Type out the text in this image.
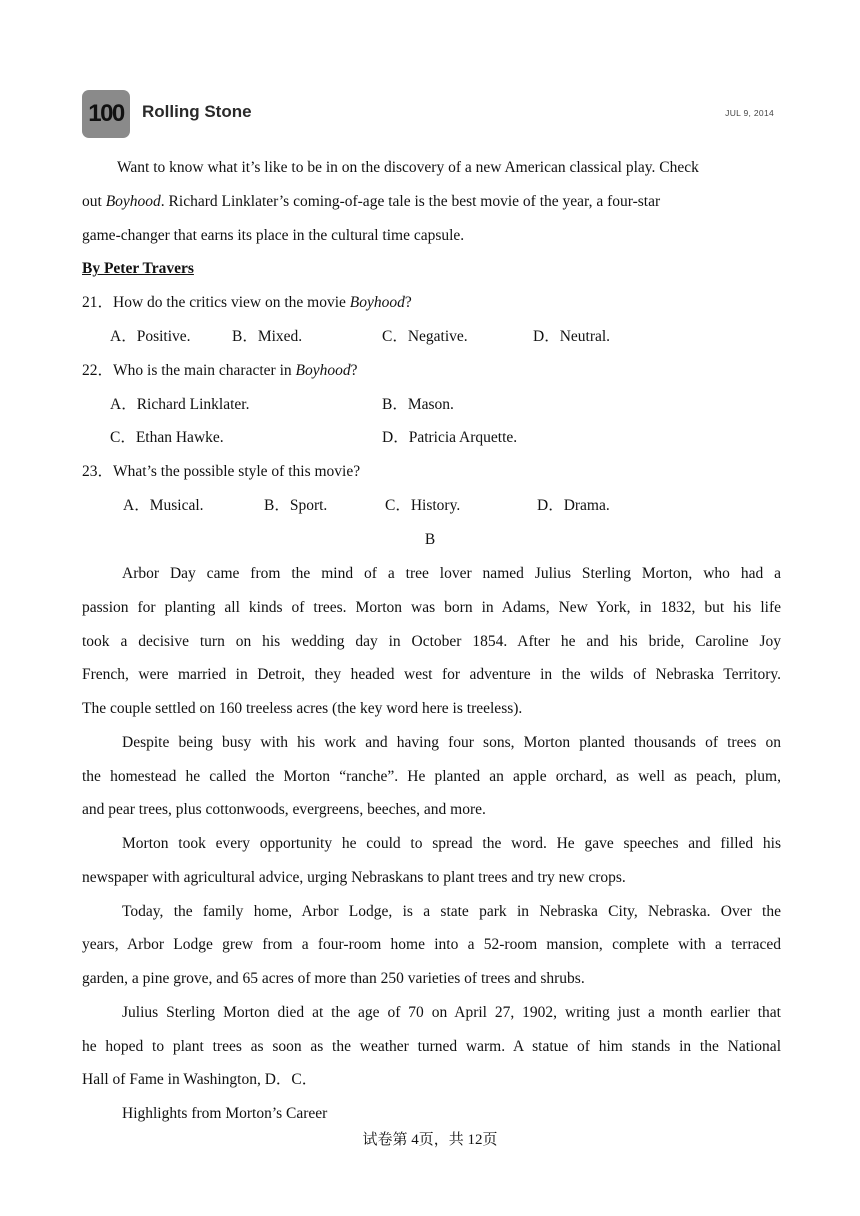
100	Rolling Stone	JUL 9, 2014
Want to know what it’s like to be in on the discovery of a new American classical play. Check
out Boyhood. Richard Linklater’s coming-of-age tale is the best movie of the year, a four-star
game-changer that earns its place in the cultural time capsule.
By Peter Travers
21．How do the critics view on the movie Boyhood?
A．Positive.	B．Mixed.	C．Negative.	D．Neutral.
22．Who is the main character in Boyhood?
A．Richard Linklater.	B．Mason.
C．Ethan Hawke.	D．Patricia Arquette.
23．What’s the possible style of this movie?
A．Musical.	B．Sport.	C．History.	D．Drama.
B
Arbor Day came from the mind of a tree lover named Julius Sterling Morton, who had a
passion for planting all kinds of trees. Morton was born in Adams, New York, in 1832, but his life
took a decisive turn on his wedding day in October 1854. After he and his bride, Caroline Joy
French, were married in Detroit, they headed west for adventure in the wilds of Nebraska Territory.
The couple settled on 160 treeless acres (the key word here is treeless).
Despite being busy with his work and having four sons, Morton planted thousands of trees on
the homestead he called the Morton “ranche”. He planted an apple orchard, as well as peach, plum,
and pear trees, plus cottonwoods, evergreens, beeches, and more.
Morton took every opportunity he could to spread the word. He gave speeches and filled his
newspaper with agricultural advice, urging Nebraskans to plant trees and try new crops.
Today, the family home, Arbor Lodge, is a state park in Nebraska City, Nebraska. Over the
years, Arbor Lodge grew from a four-room home into a 52-room mansion, complete with a terraced
garden, a pine grove, and 65 acres of more than 250 varieties of trees and shrubs.
Julius Sterling Morton died at the age of 70 on April 27, 1902, writing just a month earlier that
he hoped to plant trees as soon as the weather turned warm. A statue of him stands in the National
Hall of Fame in Washington, D．C．
Highlights from Morton’s Career
试卷第 4页，共 12页
